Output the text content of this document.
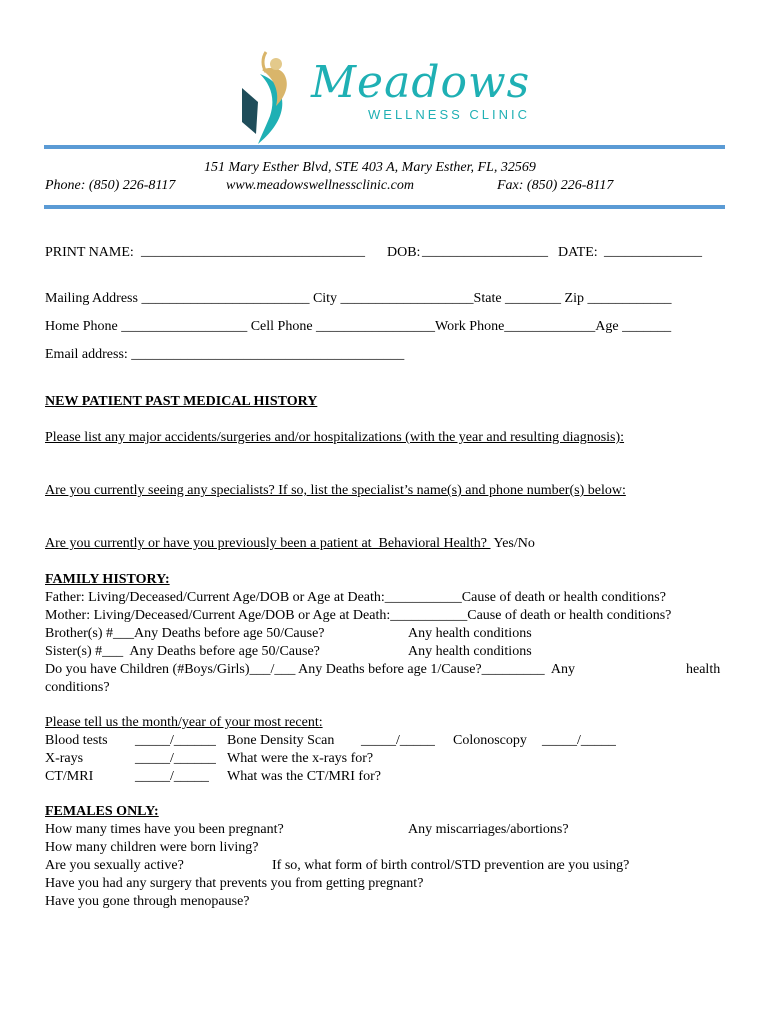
Meadows
WELLNESS CLINIC
151 Mary Esther Blvd, STE 403 A, Mary Esther, FL, 32569
Phone: (850) 226-8117	www.meadowswellnessclinic.com	Fax: (850) 226-8117
PRINT NAME: ________________________________ DOB: __________________ DATE: ______________
Mailing Address ________________________ City ___________________State ________ Zip ____________
Home Phone __________________ Cell Phone _________________Work Phone_____________Age _______
Email address: _______________________________________
NEW PATIENT PAST MEDICAL HISTORY
Please list any major accidents/surgeries and/or hospitalizations (with the year and resulting diagnosis):
Are you currently seeing any specialists? If so, list the specialist’s name(s) and phone number(s) below:
Are you currently or have you previously been a patient at  Behavioral Health?  Yes/No
FAMILY HISTORY:
Father: Living/Deceased/Current Age/DOB or Age at Death:___________Cause of death or health conditions?
Mother: Living/Deceased/Current Age/DOB or Age at Death:___________Cause of death or health conditions?
Brother(s) #___Any Deaths before age 50/Cause?	Any health conditions
Sister(s) #___  Any Deaths before age 50/Cause?	Any health conditions
Do you have Children (#Boys/Girls)___/___ Any Deaths before age 1/Cause?_________  Any	health
conditions?
Please tell us the month/year of your most recent:
Blood tests _____/______ Bone Density Scan _____/_____ Colonoscopy _____/_____
X-rays	_____/______ What were the x-rays for?
CT/MRI	_____/_____ What was the CT/MRI for?
FEMALES ONLY:
How many times have you been pregnant?	Any miscarriages/abortions?
How many children were born living?
Are you sexually active?	If so, what form of birth control/STD prevention are you using?
Have you had any surgery that prevents you from getting pregnant?
Have you gone through menopause?
